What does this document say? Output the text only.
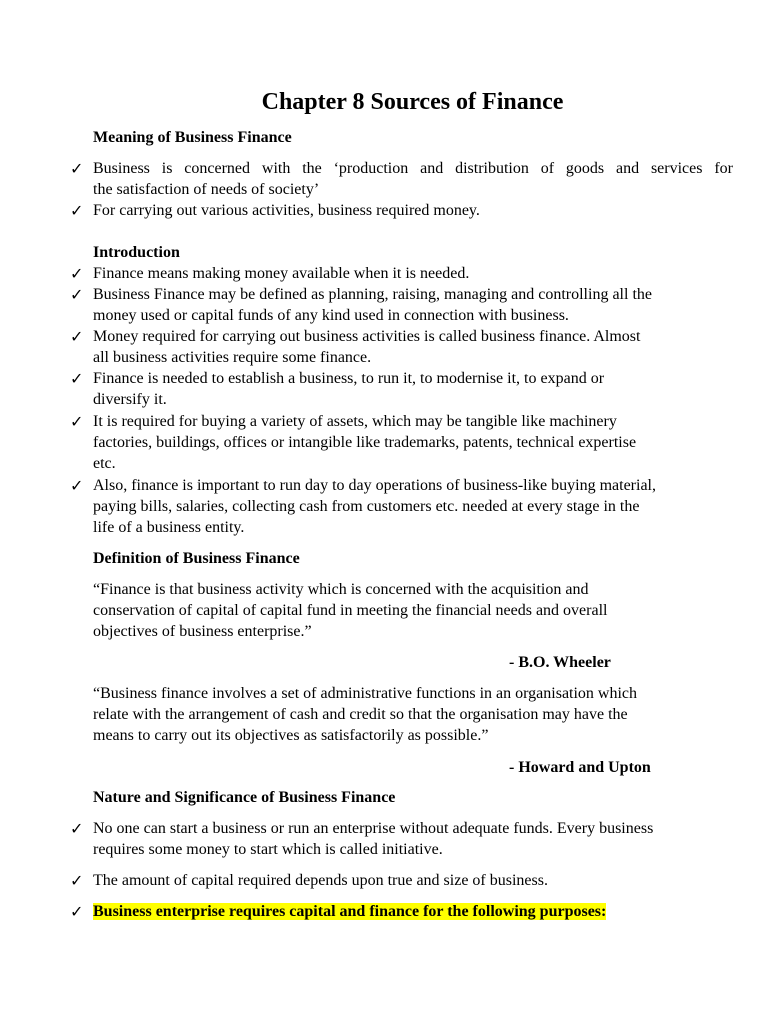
Chapter 8 Sources of Finance
Meaning of Business Finance
✓ Business is concerned with the ‘production and distribution of goods and services for
the satisfaction of needs of society’
✓ For carrying out various activities, business required money.
Introduction
✓ Finance means making money available when it is needed.
✓ Business Finance may be defined as planning, raising, managing and controlling all the
money used or capital funds of any kind used in connection with business.
✓ Money required for carrying out business activities is called business finance. Almost
all business activities require some finance.
✓ Finance is needed to establish a business, to run it, to modernise it, to expand or
diversify it.
✓ It is required for buying a variety of assets, which may be tangible like machinery
factories, buildings, offices or intangible like trademarks, patents, technical expertise
etc.
✓ Also, finance is important to run day to day operations of business-like buying material,
paying bills, salaries, collecting cash from customers etc. needed at every stage in the
life of a business entity.
Definition of Business Finance
“Finance is that business activity which is concerned with the acquisition and
conservation of capital of capital fund in meeting the financial needs and overall
objectives of business enterprise.”
- B.O. Wheeler
“Business finance involves a set of administrative functions in an organisation which
relate with the arrangement of cash and credit so that the organisation may have the
means to carry out its objectives as satisfactorily as possible.”
- Howard and Upton
Nature and Significance of Business Finance
✓ No one can start a business or run an enterprise without adequate funds. Every business
requires some money to start which is called initiative.
✓ The amount of capital required depends upon true and size of business.
✓ Business enterprise requires capital and finance for the following purposes:
